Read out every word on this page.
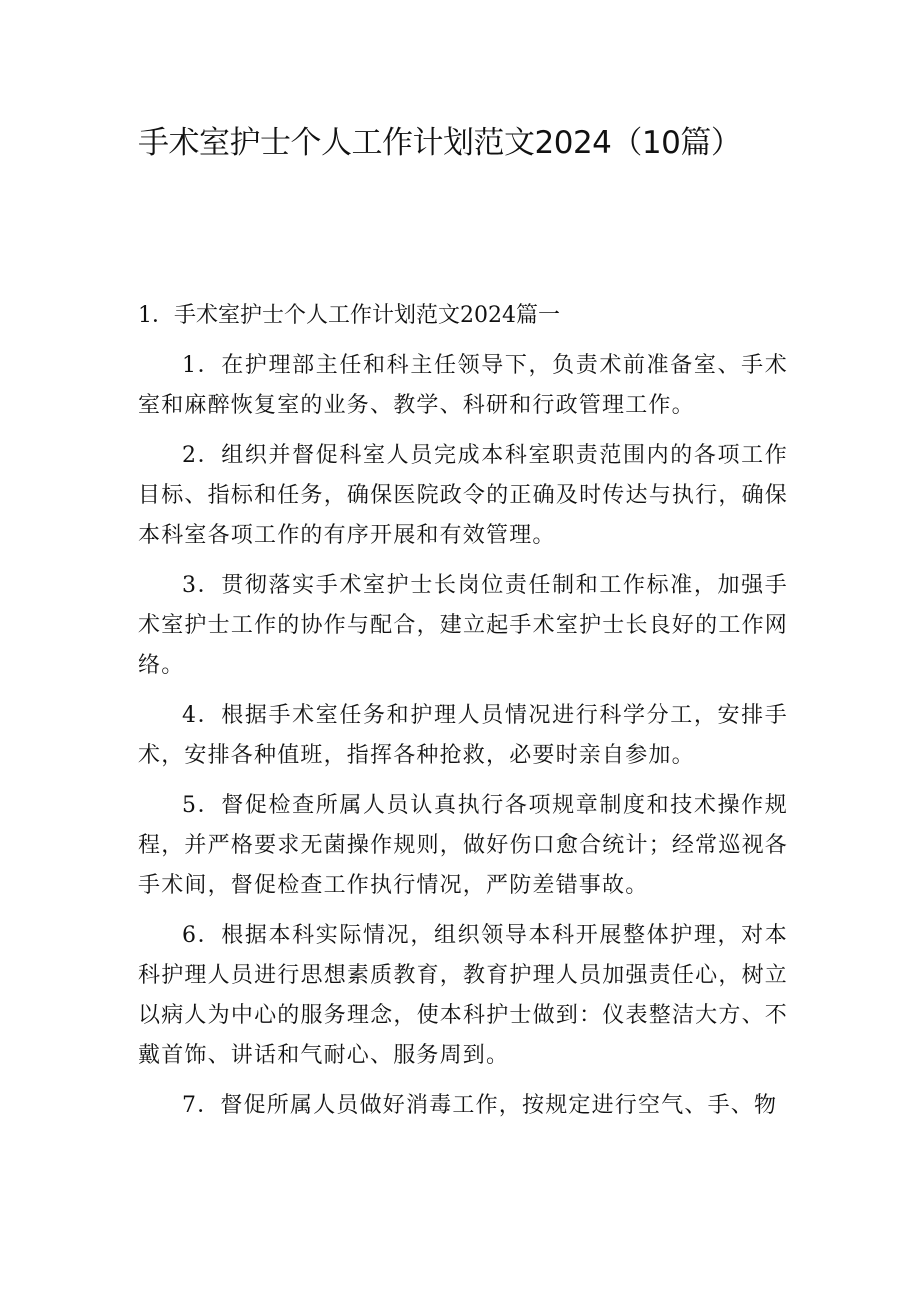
手术室护士个人工作计划范文2024（10篇）

1．手术室护士个人工作计划范文2024篇一

1．在护理部主任和科主任领导下，负责术前准备室、手术室和麻醉恢复室的业务、教学、科研和行政管理工作。

2．组织并督促科室人员完成本科室职责范围内的各项工作目标、指标和任务，确保医院政令的正确及时传达与执行，确保本科室各项工作的有序开展和有效管理。

3．贯彻落实手术室护士长岗位责任制和工作标准，加强手术室护士工作的协作与配合，建立起手术室护士长良好的工作网络。

4．根据手术室任务和护理人员情况进行科学分工，安排手术，安排各种值班，指挥各种抢救，必要时亲自参加。

5．督促检查所属人员认真执行各项规章制度和技术操作规程，并严格要求无菌操作规则，做好伤口愈合统计；经常巡视各手术间，督促检查工作执行情况，严防差错事故。

6．根据本科实际情况，组织领导本科开展整体护理，对本科护理人员进行思想素质教育，教育护理人员加强责任心，树立以病人为中心的服务理念，使本科护士做到：仪表整洁大方、不戴首饰、讲话和气耐心、服务周到。

7．督促所属人员做好消毒工作，按规定进行空气、手、物
